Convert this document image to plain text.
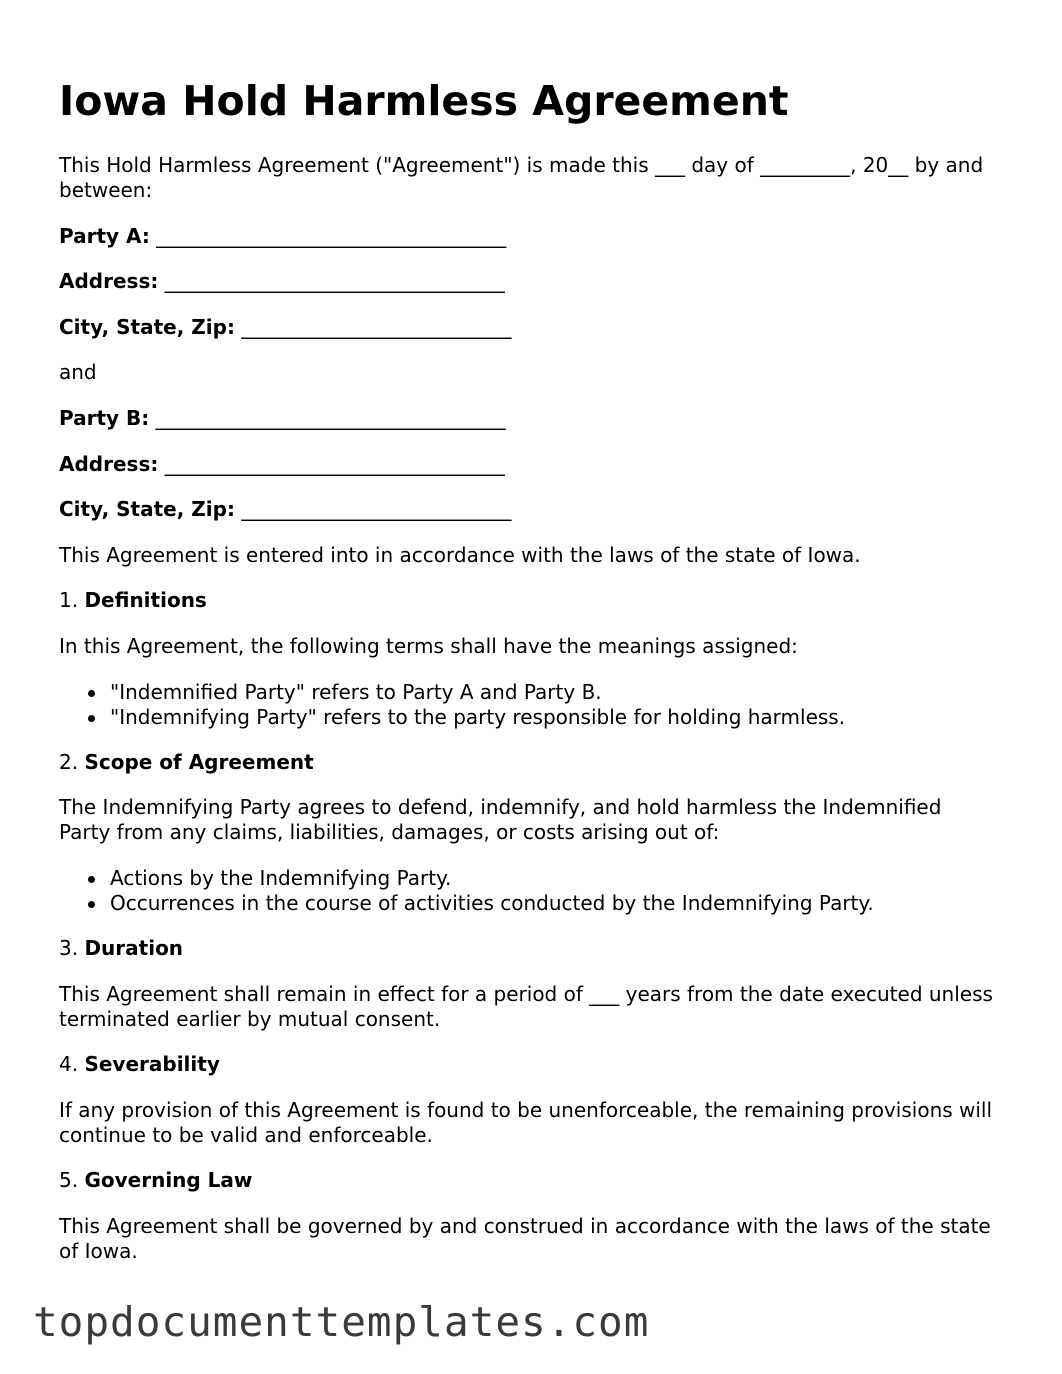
Iowa Hold Harmless Agreement

This Hold Harmless Agreement ("Agreement") is made this ___ day of _________, 20__ by and between:

Party A: ___________________________________

Address: __________________________________

City, State, Zip: ___________________________

and

Party B: ___________________________________

Address: __________________________________

City, State, Zip: ___________________________

This Agreement is entered into in accordance with the laws of the state of Iowa.

1. Definitions

In this Agreement, the following terms shall have the meanings assigned:

"Indemnified Party" refers to Party A and Party B.
"Indemnifying Party" refers to the party responsible for holding harmless.

2. Scope of Agreement

The Indemnifying Party agrees to defend, indemnify, and hold harmless the Indemnified Party from any claims, liabilities, damages, or costs arising out of:

Actions by the Indemnifying Party.
Occurrences in the course of activities conducted by the Indemnifying Party.

3. Duration

This Agreement shall remain in effect for a period of ___ years from the date executed unless terminated earlier by mutual consent.

4. Severability

If any provision of this Agreement is found to be unenforceable, the remaining provisions will continue to be valid and enforceable.

5. Governing Law

This Agreement shall be governed by and construed in accordance with the laws of the state of Iowa.

topdocumenttemplates.com
